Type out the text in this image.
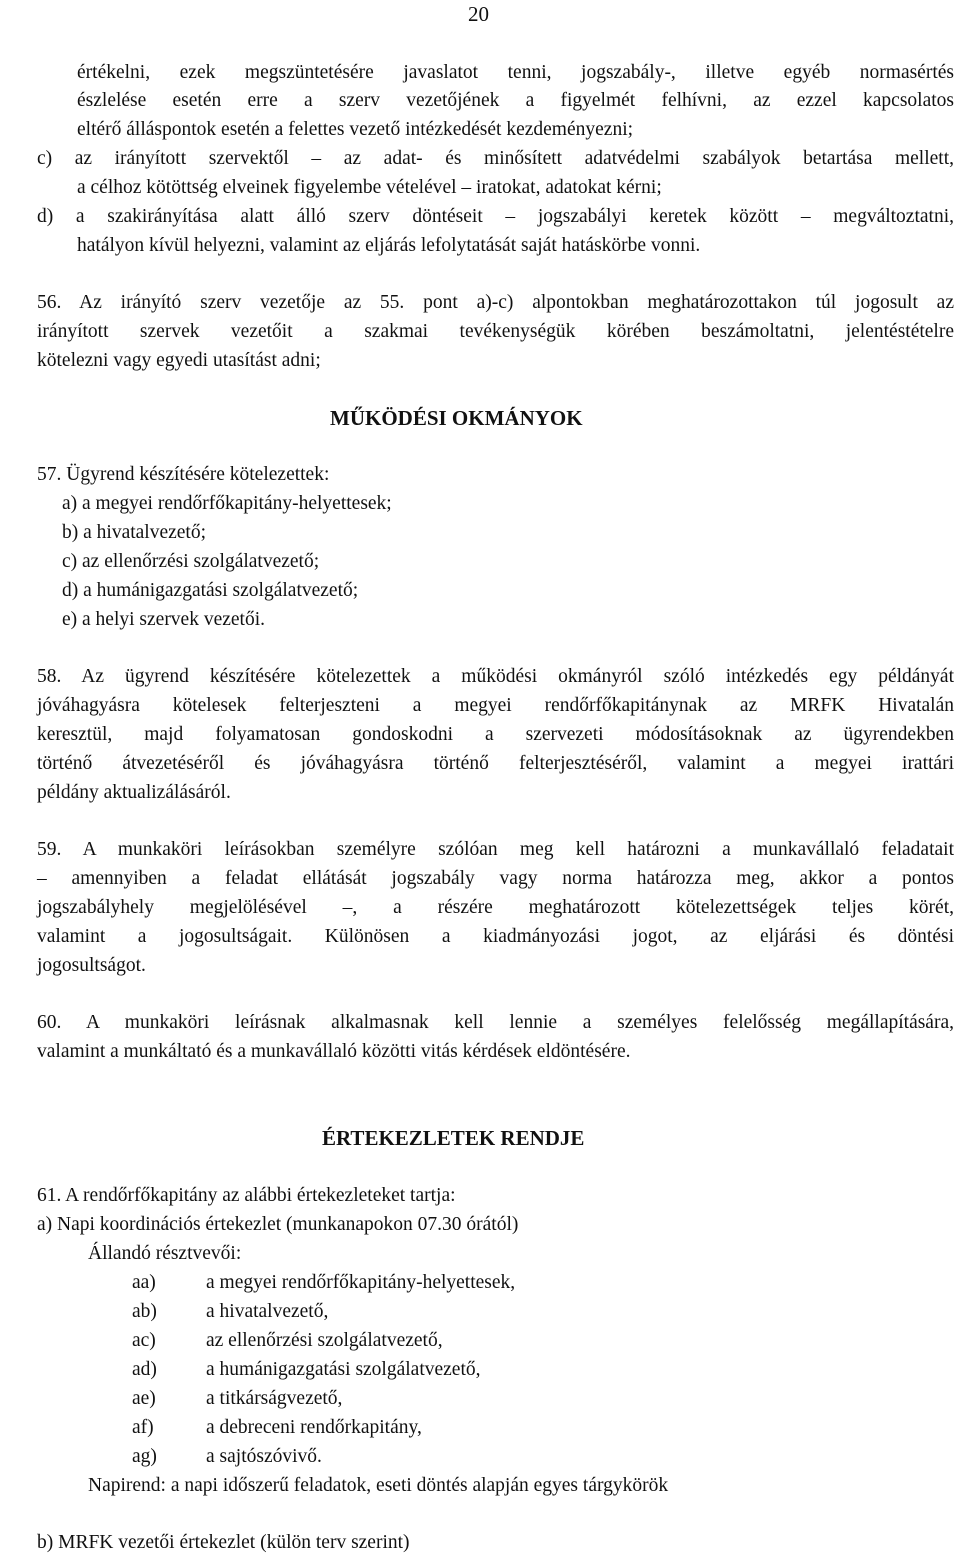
20
értékelni, ezek megszüntetésére javaslatot tenni, jogszabály-, illetve egyéb normasértés
észlelése esetén erre a szerv vezetőjének a figyelmét felhívni, az ezzel kapcsolatos
eltérő álláspontok esetén a felettes vezető intézkedését kezdeményezni;
c) az irányított szervektől – az adat- és minősített adatvédelmi szabályok betartása mellett,
a célhoz kötöttség elveinek figyelembe vételével – iratokat, adatokat kérni;
d) a szakirányítása alatt álló szerv döntéseit – jogszabályi keretek között – megváltoztatni,
hatályon kívül helyezni, valamint az eljárás lefolytatását saját hatáskörbe vonni.
56. Az irányító szerv vezetője az 55. pont a)-c) alpontokban meghatározottakon túl jogosult az
irányított szervek vezetőit a szakmai tevékenységük körében beszámoltatni, jelentéstételre
kötelezni vagy egyedi utasítást adni;
MŰKÖDÉSI OKMÁNYOK
57. Ügyrend készítésére kötelezettek:
a) a megyei rendőrfőkapitány-helyettesek;
b) a hivatalvezető;
c) az ellenőrzési szolgálatvezető;
d) a humánigazgatási szolgálatvezető;
e) a helyi szervek vezetői.
58. Az ügyrend készítésére kötelezettek a működési okmányról szóló intézkedés egy példányát
jóváhagyásra kötelesek felterjeszteni a megyei rendőrfőkapitánynak az MRFK Hivatalán
keresztül, majd folyamatosan gondoskodni a szervezeti módosításoknak az ügyrendekben
történő átvezetéséről és jóváhagyásra történő felterjesztéséről, valamint a megyei irattári
példány aktualizálásáról.
59. A munkaköri leírásokban személyre szólóan meg kell határozni a munkavállaló feladatait
– amennyiben a feladat ellátását jogszabály vagy norma határozza meg, akkor a pontos
jogszabályhely megjelölésével –, a részére meghatározott kötelezettségek teljes körét,
valamint a jogosultságait. Különösen a kiadmányozási jogot, az eljárási és döntési
jogosultságot.
60. A munkaköri leírásnak alkalmasnak kell lennie a személyes felelősség megállapítására,
valamint a munkáltató és a munkavállaló közötti vitás kérdések eldöntésére.
ÉRTEKEZLETEK RENDJE
61. A rendőrfőkapitány az alábbi értekezleteket tartja:
a) Napi koordinációs értekezlet (munkanapokon 07.30 órától)
Állandó résztvevői:
aa)	a megyei rendőrfőkapitány-helyettesek,
ab)	a hivatalvezető,
ac)	az ellenőrzési szolgálatvezető,
ad)	a humánigazgatási szolgálatvezető,
ae)	a titkárságvezető,
af)	a debreceni rendőrkapitány,
ag)	a sajtószóvivő.
Napirend: a napi időszerű feladatok, eseti döntés alapján egyes tárgykörök
b) MRFK vezetői értekezlet (külön terv szerint)
